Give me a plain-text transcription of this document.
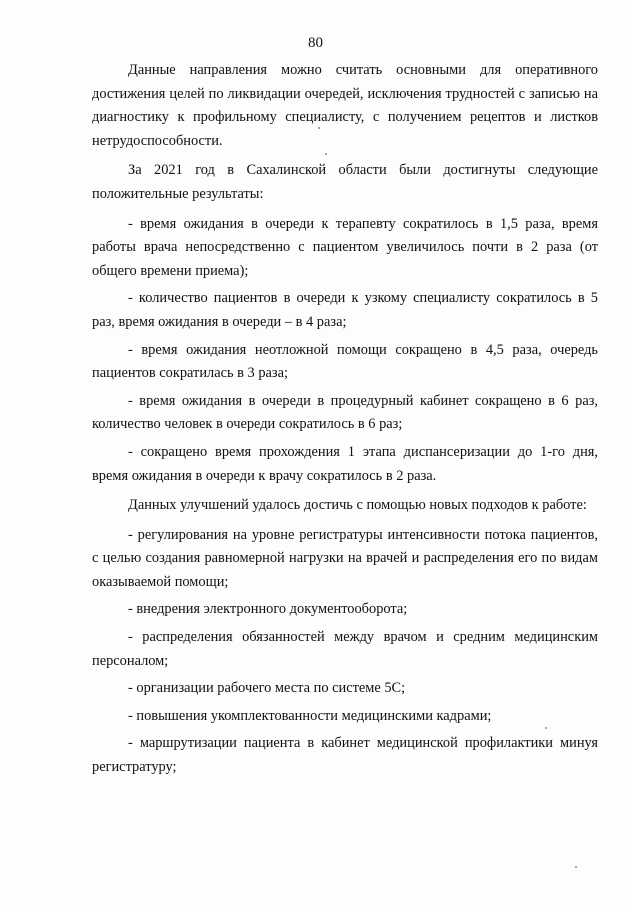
80

Данные направления можно считать основными для оперативного достижения целей по ликвидации очередей, исключения трудностей с записью на диагностику к профильному специалисту, с получением рецептов и листков нетрудоспособности.

За 2021 год в Сахалинской области были достигнуты следующие положительные результаты:

- время ожидания в очереди к терапевту сократилось в 1,5 раза, время работы врача непосредственно с пациентом увеличилось почти в 2 раза (от общего времени приема);

- количество пациентов в очереди к узкому специалисту сократилось в 5 раз, время ожидания в очереди – в 4 раза;

- время ожидания неотложной помощи сокращено в 4,5 раза, очередь пациентов сократилась в 3 раза;

- время ожидания в очереди в процедурный кабинет сокращено в 6 раз, количество человек в очереди сократилось в 6 раз;

- сокращено время прохождения 1 этапа диспансеризации до 1-го дня, время ожидания в очереди к врачу сократилось в 2 раза.

Данных улучшений удалось достичь с помощью новых подходов к работе:

- регулирования на уровне регистратуры интенсивности потока пациентов, с целью создания равномерной нагрузки на врачей и распределения его по видам оказываемой помощи;

- внедрения электронного документооборота;

- распределения обязанностей между врачом и средним медицинским персоналом;

- организации рабочего места по системе 5С;

- повышения укомплектованности медицинскими кадрами;

- маршрутизации пациента в кабинет медицинской профилактики минуя регистратуру;
